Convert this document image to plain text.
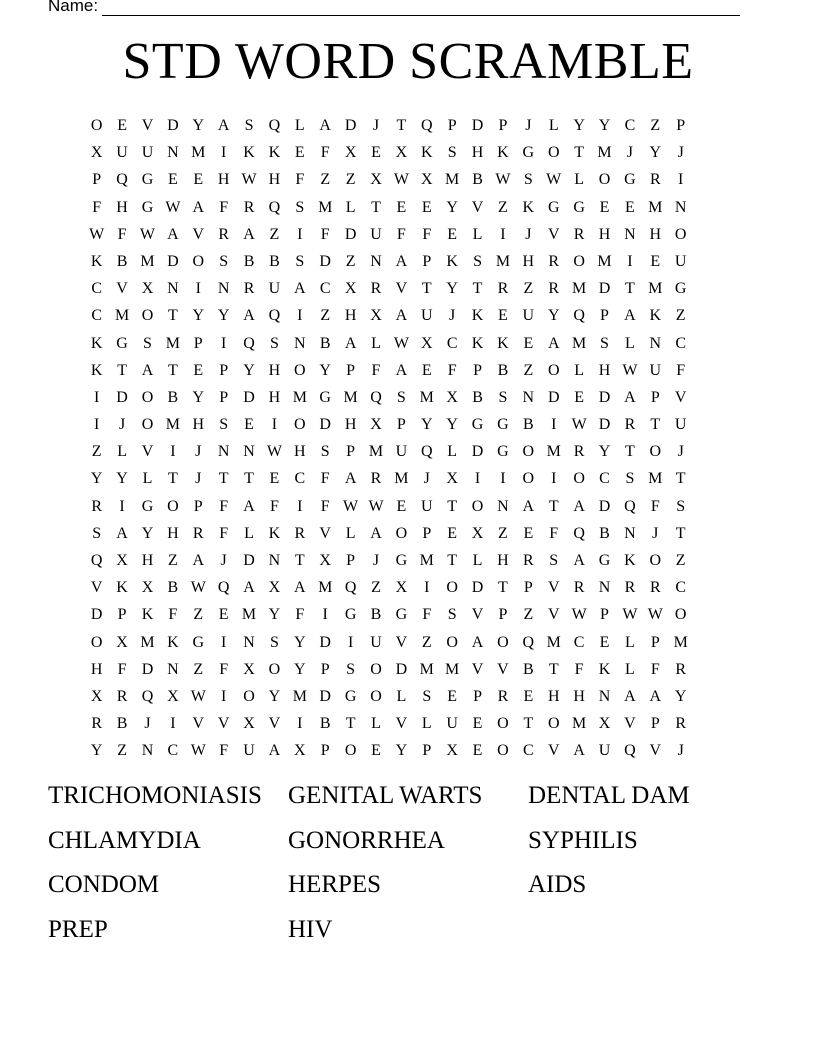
Name:
STD WORD SCRAMBLE
O E V D Y A S Q L A D	J	T Q P D P	J	L Y Y C Z	P
X U U N M I	K K E	F X E X K S H K G O T M J	Y	J
P Q G E E H W H F	Z Z X W X M B W S W L O G R	I
F H G W A F R Q S M L T E E Y V Z K G G E E M N
W F W A V R A Z	I	F D U F	F	E L	I	J	V R H N H O
K B M D O S B B S D Z N A P K S M H R O M I	E U
C V X N	I	N R U A C X R V T Y T R Z R M D T M G
C M O T Y Y A Q	I	Z H X A U	J	K E U Y Q P A K Z
K G S M P	I	Q S N B A L W X C K K E A M S	L N C
K T A T E	P Y H O Y P	F A E	F	P B Z O L H W U F
I	D O B Y P D H M G M Q S M X B S N D E D A P V
I	J	O M H S	E	I	O D H X P Y Y G G B	I W D R T U
Z L V	I	J	N N W H S	P M U Q L D G O M R Y T O	J
Y Y L T	J	T T E C F A R M J	X	I	I	O	I	O C S M T
R	I	G O P	F A F	I	F W W E U T O N A T A D Q F	S
S A Y H R F	L K R V L A O P	E X Z E	F Q B N	J	T
Q X H Z A	J	D N T X P	J	G M T L H R S A G K O Z
V K X B W Q A X A M Q Z X	I	O D T	P V R N R R C
D P K F	Z E M Y F	I	G B G F	S V P	Z V W P W W O
O X M K G	I	N S Y D	I	U V Z O A O Q M C E L	P M
H F D N Z	F X O Y P	S O D M M V V B T	F K L	F R
X R Q X W I	O Y M D G O L	S	E	P R E H H N A A Y
R B	J	I	V V X V	I	B T L V L U E O T O M X V P R
Y Z N C W F U A X P O E Y P X E O C V A U Q V	J
TRICHOMONIASIS	GENITAL WARTS	DENTAL DAM
CHLAMYDIA	GONORRHEA	SYPHILIS
CONDOM	HERPES	AIDS
PREP	HIV
